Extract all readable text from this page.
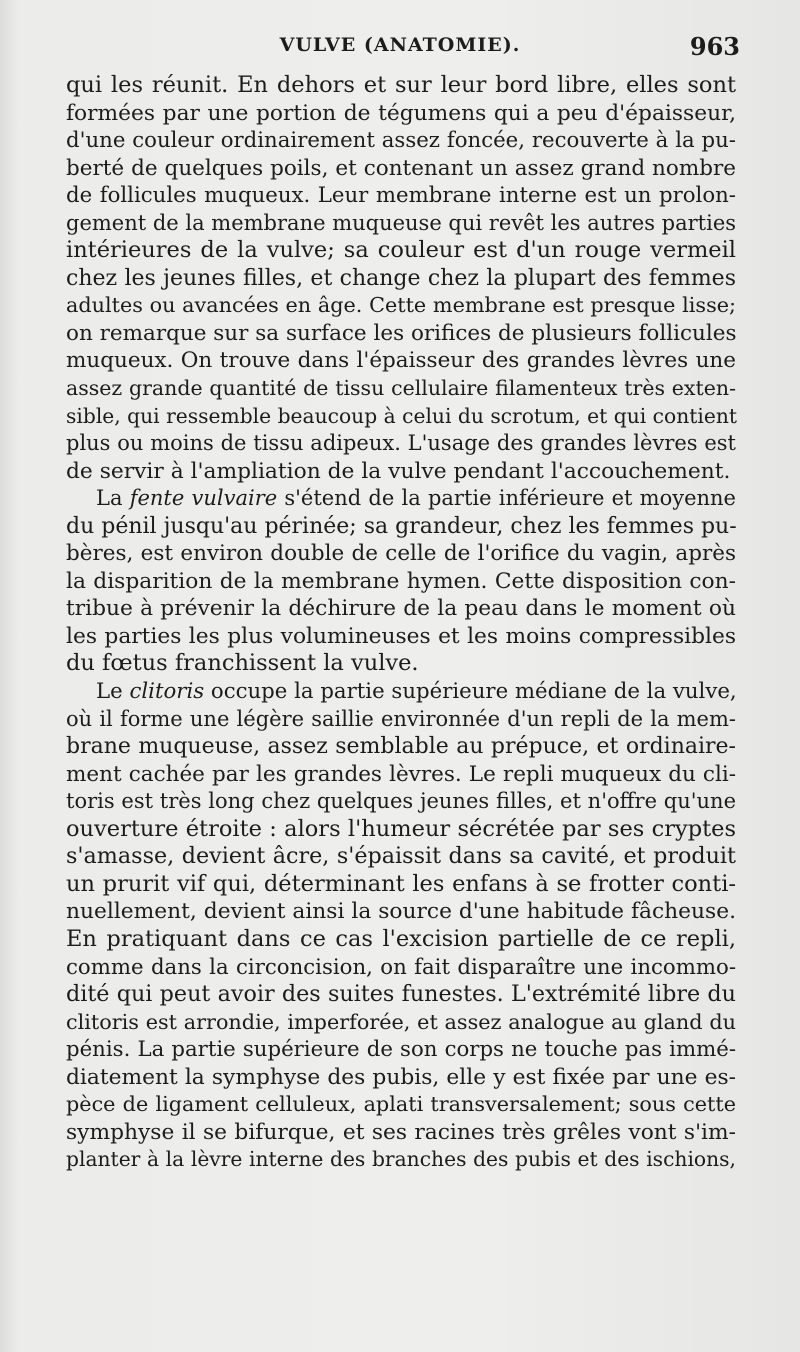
VULVE (ANATOMIE).	963
qui les réunit. En dehors et sur leur bord libre, elles sont
formées par une portion de tégumens qui a peu d'épaisseur,
d'une couleur ordinairement assez foncée, recouverte à la pu-
berté de quelques poils, et contenant un assez grand nombre
de follicules muqueux. Leur membrane interne est un prolon-
gement de la membrane muqueuse qui revêt les autres parties
intérieures de la vulve; sa couleur est d'un rouge vermeil
chez les jeunes filles, et change chez la plupart des femmes
adultes ou avancées en âge. Cette membrane est presque lisse;
on remarque sur sa surface les orifices de plusieurs follicules
muqueux. On trouve dans l'épaisseur des grandes lèvres une
assez grande quantité de tissu cellulaire filamenteux très exten-
sible, qui ressemble beaucoup à celui du scrotum, et qui contient
plus ou moins de tissu adipeux. L'usage des grandes lèvres est
de servir à l'ampliation de la vulve pendant l'accouchement.
La fente vulvaire s'étend de la partie inférieure et moyenne
du pénil jusqu'au périnée; sa grandeur, chez les femmes pu-
bères, est environ double de celle de l'orifice du vagin, après
la disparition de la membrane hymen. Cette disposition con-
tribue à prévenir la déchirure de la peau dans le moment où
les parties les plus volumineuses et les moins compressibles
du fœtus franchissent la vulve.
Le clitoris occupe la partie supérieure médiane de la vulve,
où il forme une légère saillie environnée d'un repli de la mem-
brane muqueuse, assez semblable au prépuce, et ordinaire-
ment cachée par les grandes lèvres. Le repli muqueux du cli-
toris est très long chez quelques jeunes filles, et n'offre qu'une
ouverture étroite : alors l'humeur sécrétée par ses cryptes
s'amasse, devient âcre, s'épaissit dans sa cavité, et produit
un prurit vif qui, déterminant les enfans à se frotter conti-
nuellement, devient ainsi la source d'une habitude fâcheuse.
En pratiquant dans ce cas l'excision partielle de ce repli,
comme dans la circoncision, on fait disparaître une incommo-
dité qui peut avoir des suites funestes. L'extrémité libre du
clitoris est arrondie, imperforée, et assez analogue au gland du
pénis. La partie supérieure de son corps ne touche pas immé-
diatement la symphyse des pubis, elle y est fixée par une es-
pèce de ligament celluleux, aplati transversalement; sous cette
symphyse il se bifurque, et ses racines très grêles vont s'im-
planter à la lèvre interne des branches des pubis et des ischions,
